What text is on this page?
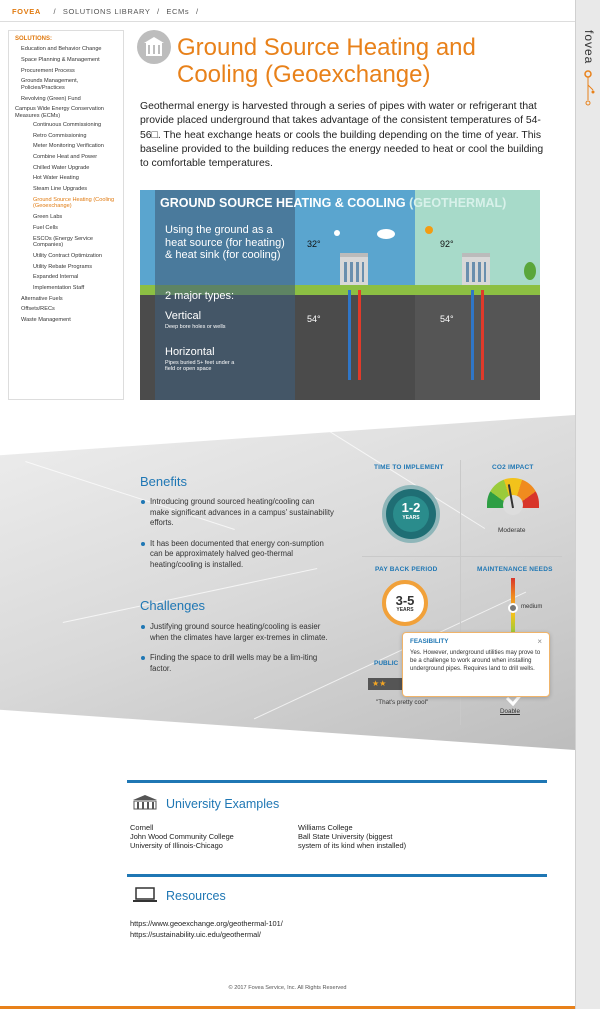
FOVEA / SOLUTIONS LIBRARY / ECMs /
fovea
SOLUTIONS:
Education and Behavior Change
Space Planning & Management
Procurement Process
Grounds Management, Policies/Practices
Revolving (Green) Fund
Campus Wide Energy Conservation Measures (ECMs)
Continuous Commissioning
Retro Commissioning
Meter Monitoring Verification
Combine Heat and Power
Chilled Water Upgrade
Hot Water Heating
Steam Line Upgrades
Ground Source Heating (Cooling (Geoexchange)
Green Labs
Fuel Cells
ESCOs (Energy Service Companies)
Utility Contract Optimization
Utility Rebate Programs
Expanded Internal
Implementation Staff
Alternative Fuels
Offsets/RECs
Waste Management
Ground Source Heating and Cooling (Geoexchange)
Geothermal energy is harvested through a series of pipes with water or refrigerant that provide placed underground that takes advantage of the consistent temperatures of 54-56□. The heat exchange heats or cools the building depending on the time of year. This baseline provided to the building reduces the energy needed to heat or cool the building to comfortable temperatures.
GROUND SOURCE HEATING & COOLING (GEOTHERMAL)
Using the ground as a heat source (for heating) & heat sink (for cooling)
2 major types:
Vertical
Deep bore holes or wells
Horizontal
Pipes buried 5+ feet under a field or open space
32°	92°
54°	54°
Benefits
Introducing ground sourced heating/cooling can make significant advances in a campus' sustainability efforts.
It has been documented that energy con-sumption can be approximately halved geo-thermal heating/cooling is installed.
Challenges
Justifying ground source heating/cooling is easier when the climates have larger ex-tremes in climate.
Finding the space to drill wells may be a lim-iting factor.
TIME TO IMPLEMENT
1-2
YEARS
CO2 IMPACT
Moderate
PAY BACK PERIOD
3-5
YEARS
MAINTENANCE NEEDS
medium
PUBLIC
★★
"That's pretty cool"
Doable
FEASIBILITY	×
Yes. However, underground utilities may prove to be a challenge to work around when installing underground pipes. Requires land to drill wells.
University Examples
Cornell
John Wood Community College
University of Illinois-Chicago
Williams College
Ball State University (biggest
system of its kind when installed)
Resources
https://www.geoexchange.org/geothermal-101/
https://sustainability.uic.edu/geothermal/
© 2017 Fovea Service, Inc. All Rights Reserved
